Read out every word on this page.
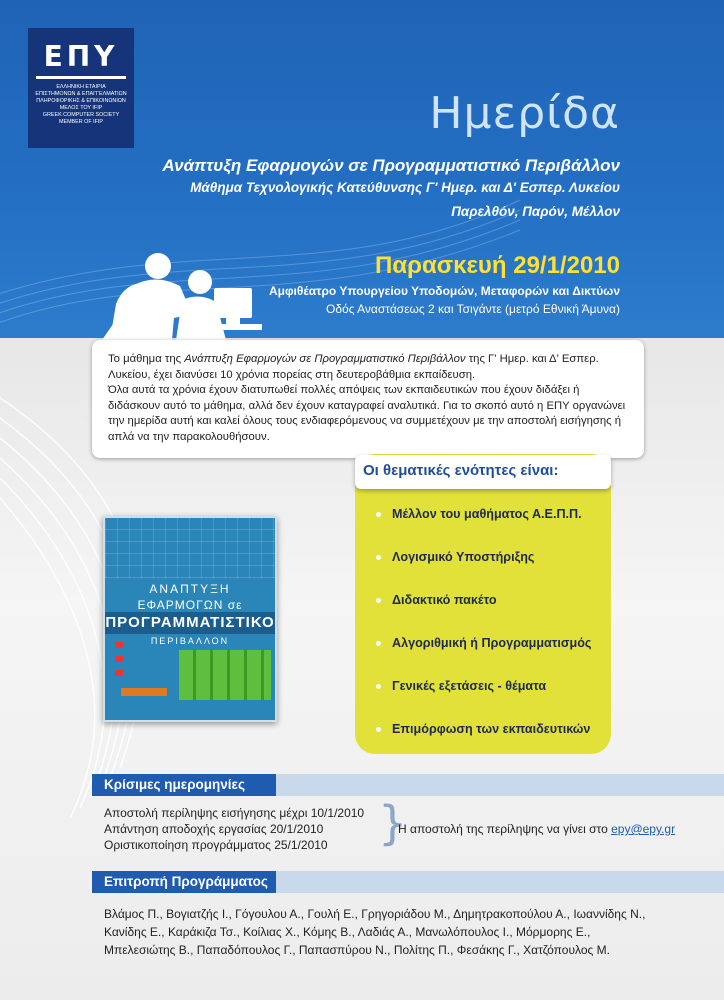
ΕΠΥ
ΕΛΛΗΝΙΚΗ ΕΤΑΙΡΙΑ
ΕΠΙΣΤΗΜΟΝΩΝ & ΕΠΑΓΓΕΛΜΑΤΙΩΝ
ΠΛΗΡΟΦΟΡΙΚΗΣ & ΕΠΙΚΟΙΝΩΝΙΩΝ
ΜΕΛΟΣ ΤΟΥ IFIP
GREEK COMPUTER SOCIETY
MEMBER OF IFIP	Ημερίδα
Ανάπτυξη Εφαρμογών σε Προγραμματιστικό Περιβάλλον
Μάθημα Τεχνολογικής Κατεύθυνσης Γ' Ημερ. και Δ' Εσπερ. Λυκείου
Παρελθόν, Παρόν, Μέλλον
Παρασκευή 29/1/2010
Αμφιθέατρο Υπουργείου Υποδομών, Μεταφορών και Δικτύων
Οδός Αναστάσεως 2 και Τσιγάντε (μετρό Εθνική Άμυνα)

Το μάθημα της Ανάπτυξη Εφαρμογών σε Προγραμματιστικό Περιβάλλον της Γ' Ημερ. και Δ' Εσπερ. Λυκείου, έχει διανύσει 10 χρόνια πορείας στη δευτεροβάθμια εκπαίδευση.
Όλα αυτά τα χρόνια έχουν διατυπωθεί πολλές απόψεις των εκπαιδευτικών που έχουν διδάξει ή διδάσκουν αυτό το μάθημα, αλλά δεν έχουν καταγραφεί αναλυτικά. Για το σκοπό αυτό η ΕΠΥ οργανώνει την ημερίδα αυτή και καλεί όλους τους ενδιαφερόμενους να συμμετέχουν με την αποστολή εισήγησης ή απλά να την παρακολουθήσουν.

Οι θεματικές ενότητες είναι:
Μέλλον του μαθήματος Α.Ε.Π.Π.
Λογισμικό Υποστήριξης
Διδακτικό πακέτο
Αλγοριθμική ή Προγραμματισμός
Γενικές εξετάσεις - θέματα
Επιμόρφωση των εκπαιδευτικών
ΑΝΑΠΤΥΞΗ
ΕΦΑΡΜΟΓΩΝ σε
ΠΡΟΓΡΑΜΜΑΤΙΣΤΙΚΟ
ΠΕΡΙΒΑΛΛΟΝ
Κρίσιμες ημερομηνίες
Αποστολή περίληψης εισήγησης μέχρι 10/1/2010
Απάντηση αποδοχής εργασίας 20/1/2010
Οριστικοποίηση προγράμματος 25/1/2010 }
Η αποστολή της περίληψης να γίνει στο epy@epy.gr
Επιτροπή Προγράμματος
Βλάμος Π., Βογιατζής Ι., Γόγουλου Α., Γουλή Ε., Γρηγοριάδου Μ., Δημητρακοπούλου Α., Ιωαννίδης Ν.,
Κανίδης Ε., Καράκιζα Τσ., Κοίλιας Χ., Κόμης Β., Λαδιάς Α., Μανωλόπουλος Ι., Μόρμορης Ε.,
Μπελεσιώτης Β., Παπαδόπουλος Γ., Παπασπύρου Ν., Πολίτης Π., Φεσάκης Γ., Χατζόπουλος Μ.
